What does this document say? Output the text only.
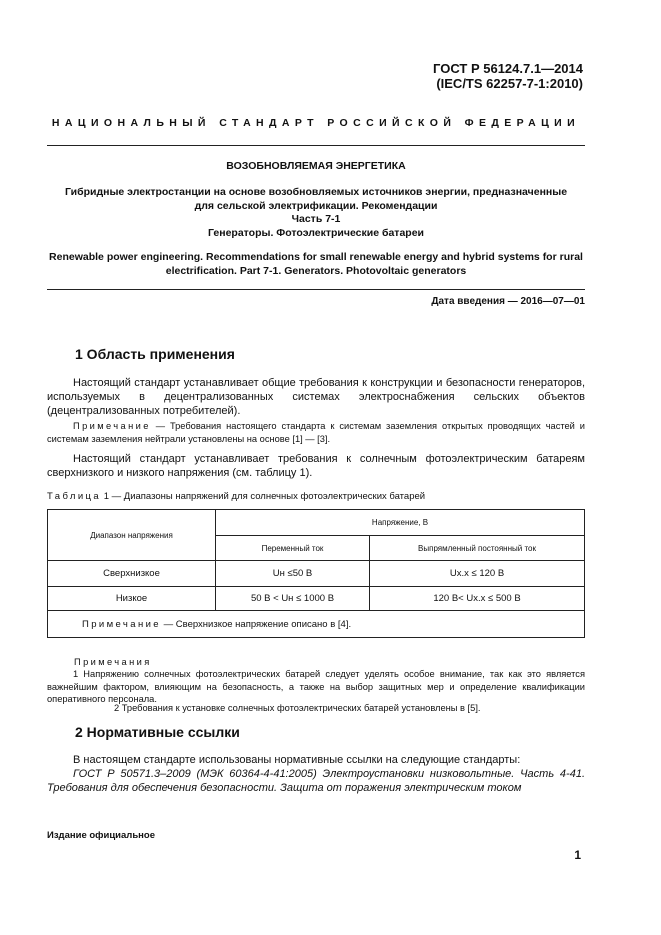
ГОСТ Р 56124.7.1—2014
(IEC/TS 62257-7-1:2010)
НАЦИОНАЛЬНЫЙ СТАНДАРТ РОССИЙСКОЙ ФЕДЕРАЦИИ
ВОЗОБНОВЛЯЕМАЯ ЭНЕРГЕТИКА
Гибридные электростанции на основе возобновляемых источников энергии, предназначенные
для сельской электрификации. Рекомендации
Часть 7-1
Генераторы. Фотоэлектрические батареи
Renewable power engineering. Recommendations for small renewable energy and hybrid systems for rural
electrification. Part 7-1. Generators. Photovoltaic generators
Дата введения — 2016—07—01
1 Область применения
Настоящий стандарт устанавливает общие требования к конструкции и безопасности генераторов, используемых в децентрализованных системах электроснабжения сельских объектов (децентрализованных потребителей).
Примечание — Требования настоящего стандарта к системам заземления открытых проводящих частей и системам заземления нейтрали установлены на основе [1] — [3].
Настоящий стандарт устанавливает требования к солнечным фотоэлектрическим батареям сверхнизкого и низкого напряжения (см. таблицу 1).
Таблица 1 — Диапазоны напряжений для солнечных фотоэлектрических батарей
Диапазон напряжения	Напряжение, В	
	Переменный ток	Выпрямленный постоянный ток
Сверхнизкое	Uн ≤50 В	Uх.х ≤ 120 В
Низкое	50 В < Uн ≤ 1000 В	120 В< Uх.х ≤ 500 В
Примечание — Сверхнизкое напряжение описано в [4].		
Примечания
1 Напряжению солнечных фотоэлектрических батарей следует уделять особое внимание, так как это является важнейшим фактором, влияющим на безопасность, а также на выбор защитных мер и определение квалификации оперативного персонала.
2 Требования к установке солнечных фотоэлектрических батарей установлены в [5].
2 Нормативные ссылки
В настоящем стандарте использованы нормативные ссылки на следующие стандарты:
ГОСТ Р 50571.3–2009 (МЭК 60364-4-41:2005) Электроустановки низковольтные. Часть 4-41. Требования для обеспечения безопасности. Защита от поражения электрическим током
Издание официальное
1
